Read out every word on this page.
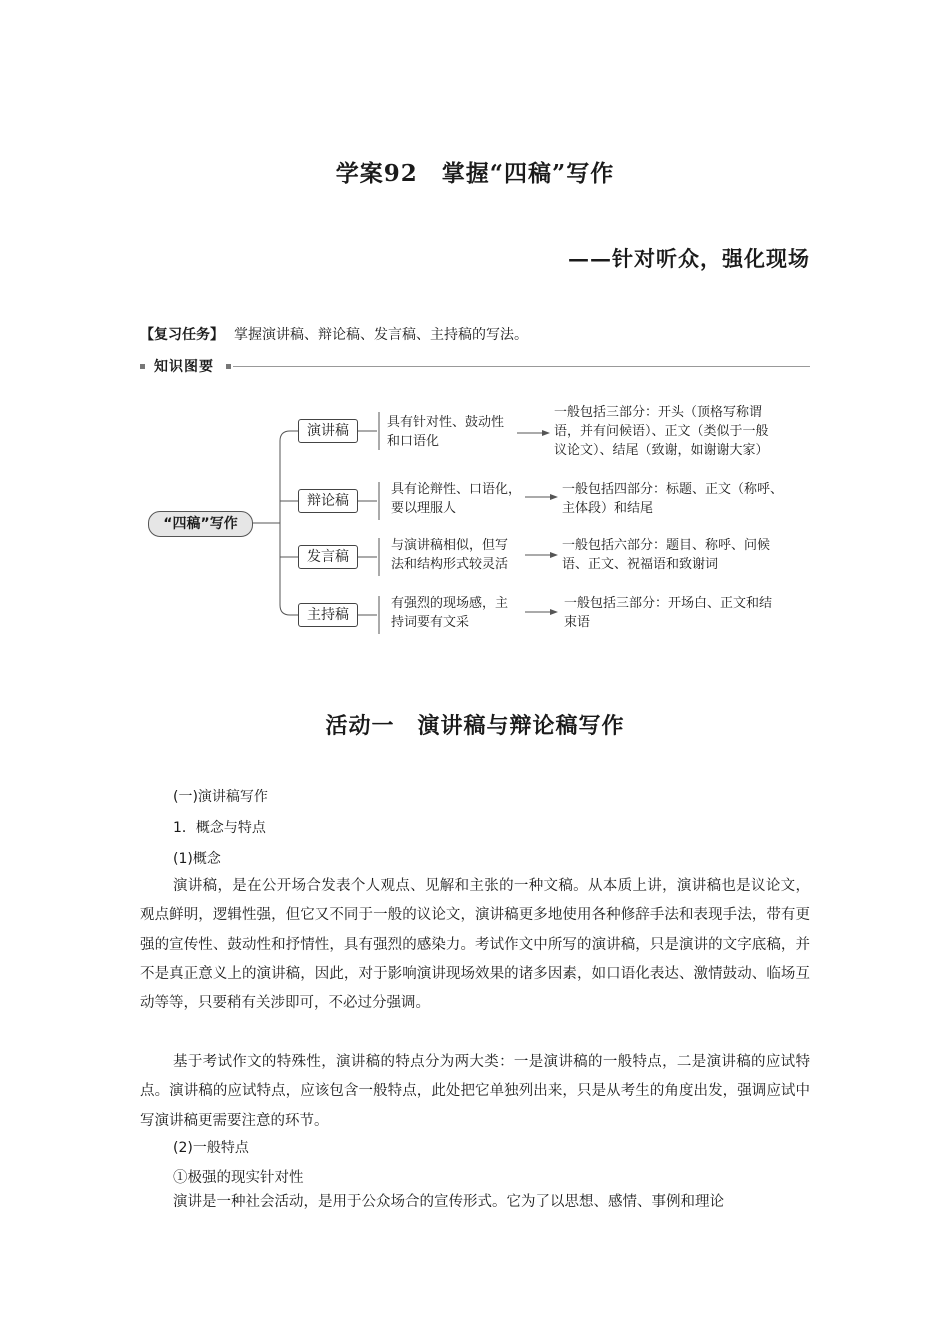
学案92　掌握“四稿”写作
——针对听众，强化现场
【复习任务】 掌握演讲稿、辩论稿、发言稿、主持稿的写法。
知识图要
“四稿”写作
演讲稿
辩论稿
发言稿
主持稿
具有针对性、鼓动性
和口语化
具有论辩性、口语化，
要以理服人
与演讲稿相似，但写
法和结构形式较灵活
有强烈的现场感，主
持词要有文采
一般包括三部分：开头（顶格写称谓
语，并有问候语）、正文（类似于一般
议论文）、结尾（致谢，如谢谢大家）
一般包括四部分：标题、正文（称呼、
主体段）和结尾
一般包括六部分：题目、称呼、问候
语、正文、祝福语和致谢词
一般包括三部分：开场白、正文和结
束语
活动一　演讲稿与辩论稿写作
(一)演讲稿写作
1．概念与特点
(1)概念
演讲稿，是在公开场合发表个人观点、见解和主张的一种文稿。从本质上讲，演讲稿也是议论文，观点鲜明，逻辑性强，但它又不同于一般的议论文，演讲稿更多地使用各种修辞手法和表现手法，带有更强的宣传性、鼓动性和抒情性，具有强烈的感染力。考试作文中所写的演讲稿，只是演讲的文字底稿，并不是真正意义上的演讲稿，因此，对于影响演讲现场效果的诸多因素，如口语化表达、激情鼓动、临场互动等等，只要稍有关涉即可，不必过分强调。
基于考试作文的特殊性，演讲稿的特点分为两大类：一是演讲稿的一般特点，二是演讲稿的应试特点。演讲稿的应试特点，应该包含一般特点，此处把它单独列出来，只是从考生的角度出发，强调应试中写演讲稿更需要注意的环节。
(2)一般特点
①极强的现实针对性
演讲是一种社会活动，是用于公众场合的宣传形式。它为了以思想、感情、事例和理论
